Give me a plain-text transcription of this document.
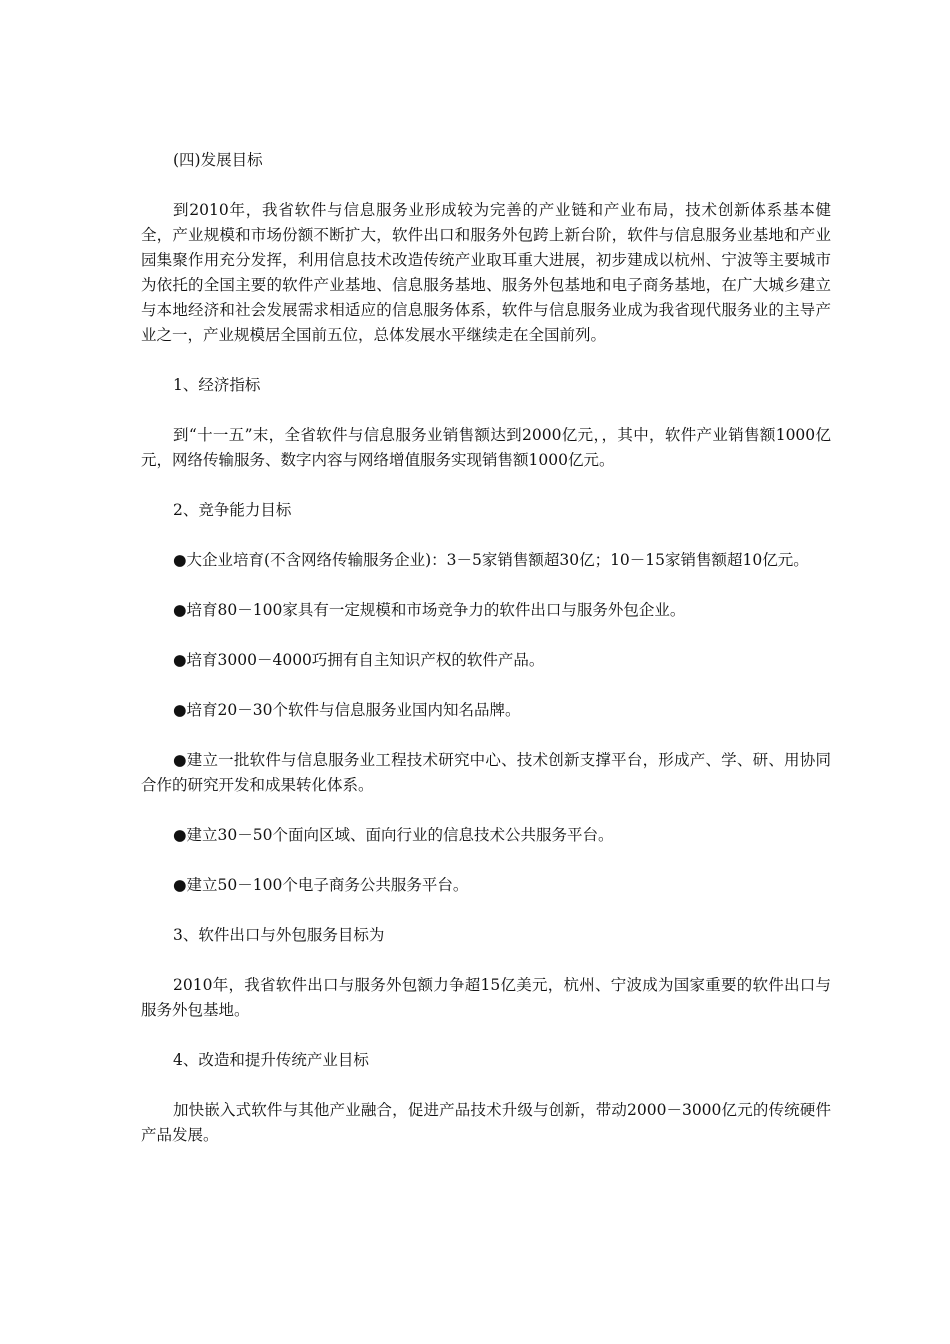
(四)发展目标

到2010年，我省软件与信息服务业形成较为完善的产业链和产业布局，技术创新体系基本健全，产业规模和市场份额不断扩大，软件出口和服务外包跨上新台阶，软件与信息服务业基地和产业园集聚作用充分发挥，利用信息技术改造传统产业取耳重大进展，初步建成以杭州、宁波等主要城市为依托的全国主要的软件产业基地、信息服务基地、服务外包基地和电子商务基地，在广大城乡建立与本地经济和社会发展需求相适应的信息服务体系，软件与信息服务业成为我省现代服务业的主导产业之一，产业规模居全国前五位，总体发展水平继续走在全国前列。

1、经济指标

到“十一五”末，全省软件与信息服务业销售额达到2000亿元，，其中，软件产业销售额1000亿元，网络传输服务、数字内容与网络增值服务实现销售额1000亿元。

2、竞争能力目标

●大企业培育(不含网络传输服务企业)：3－5家销售额超30亿；10－15家销售额超10亿元。

●培育80－100家具有一定规模和市场竞争力的软件出口与服务外包企业。

●培育3000－4000巧拥有自主知识产权的软件产品。

●培育20－30个软件与信息服务业国内知名品牌。

●建立一批软件与信息服务业工程技术研究中心、技术创新支撑平台，形成产、学、研、用协同合作的研究开发和成果转化体系。

●建立30－50个面向区域、面向行业的信息技术公共服务平台。

●建立50－100个电子商务公共服务平台。

3、软件出口与外包服务目标为

2010年，我省软件出口与服务外包额力争超15亿美元，杭州、宁波成为国家重要的软件出口与服务外包基地。

4、改造和提升传统产业目标

加快嵌入式软件与其他产业融合，促进产品技术升级与创新，带动2000－3000亿元的传统硬件产品发展。
